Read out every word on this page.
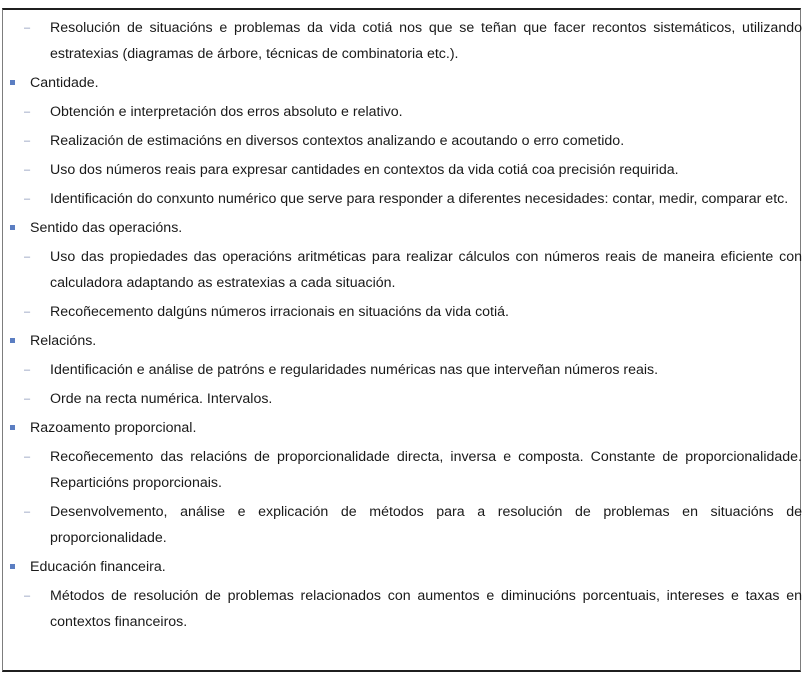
–	Resolución de situacións e problemas da vida cotiá nos que se teñan que facer recontos sistemáticos, utilizando estratexias (diagramas de árbore, técnicas de combinatoria etc.).
Cantidade.
–	Obtención e interpretación dos erros absoluto e relativo.
–	Realización de estimacións en diversos contextos analizando e acoutando o erro cometido.
–	Uso dos números reais para expresar cantidades en contextos da vida cotiá coa precisión requirida.
–	Identificación do conxunto numérico que serve para responder a diferentes necesidades: contar, medir, comparar etc.
Sentido das operacións.
–	Uso das propiedades das operacións aritméticas para realizar cálculos con números reais de maneira eficiente con calculadora adaptando as estratexias a cada situación.
–	Recoñecemento dalgúns números irracionais en situacións da vida cotiá.
Relacións.
–	Identificación e análise de patróns e regularidades numéricas nas que interveñan números reais.
–	Orde na recta numérica. Intervalos.
Razoamento proporcional.
–	Recoñecemento das relacións de proporcionalidade directa, inversa e composta. Constante de proporcionalidade. Reparticións proporcionais.
–	Desenvolvemento, análise e explicación de métodos para a resolución de problemas en situacións de proporcionalidade.
Educación financeira.
–	Métodos de resolución de problemas relacionados con aumentos e diminucións porcentuais, intereses e taxas en contextos financeiros.
